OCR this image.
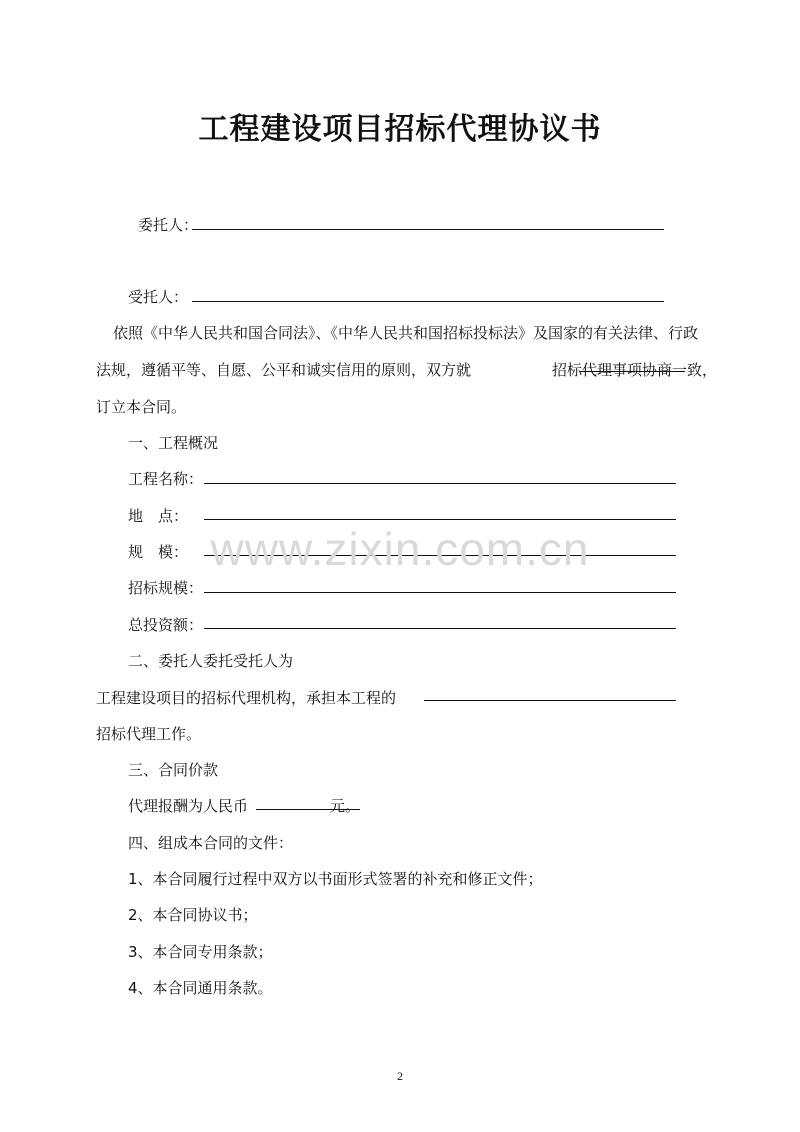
工程建设项目招标代理协议书
委托人：
受托人：
依照《中华人民共和国合同法》、《中华人民共和国招标投标法》及国家的有关法律、行政
法规，遵循平等、自愿、公平和诚实信用的原则，双方就	招标代理事项协商一致，
订立本合同。
一、工程概况
工程名称：
地　点：
规　模：
招标规模：
总投资额：
二、委托人委托受托人为
工程建设项目的招标代理机构，承担本工程的
招标代理工作。
三、合同价款
代理报酬为人民币	元。
四、组成本合同的文件：
1、本合同履行过程中双方以书面形式签署的补充和修正文件；
2、本合同协议书；
3、本合同专用条款；
4、本合同通用条款。
www.zixin.com.cn
2
